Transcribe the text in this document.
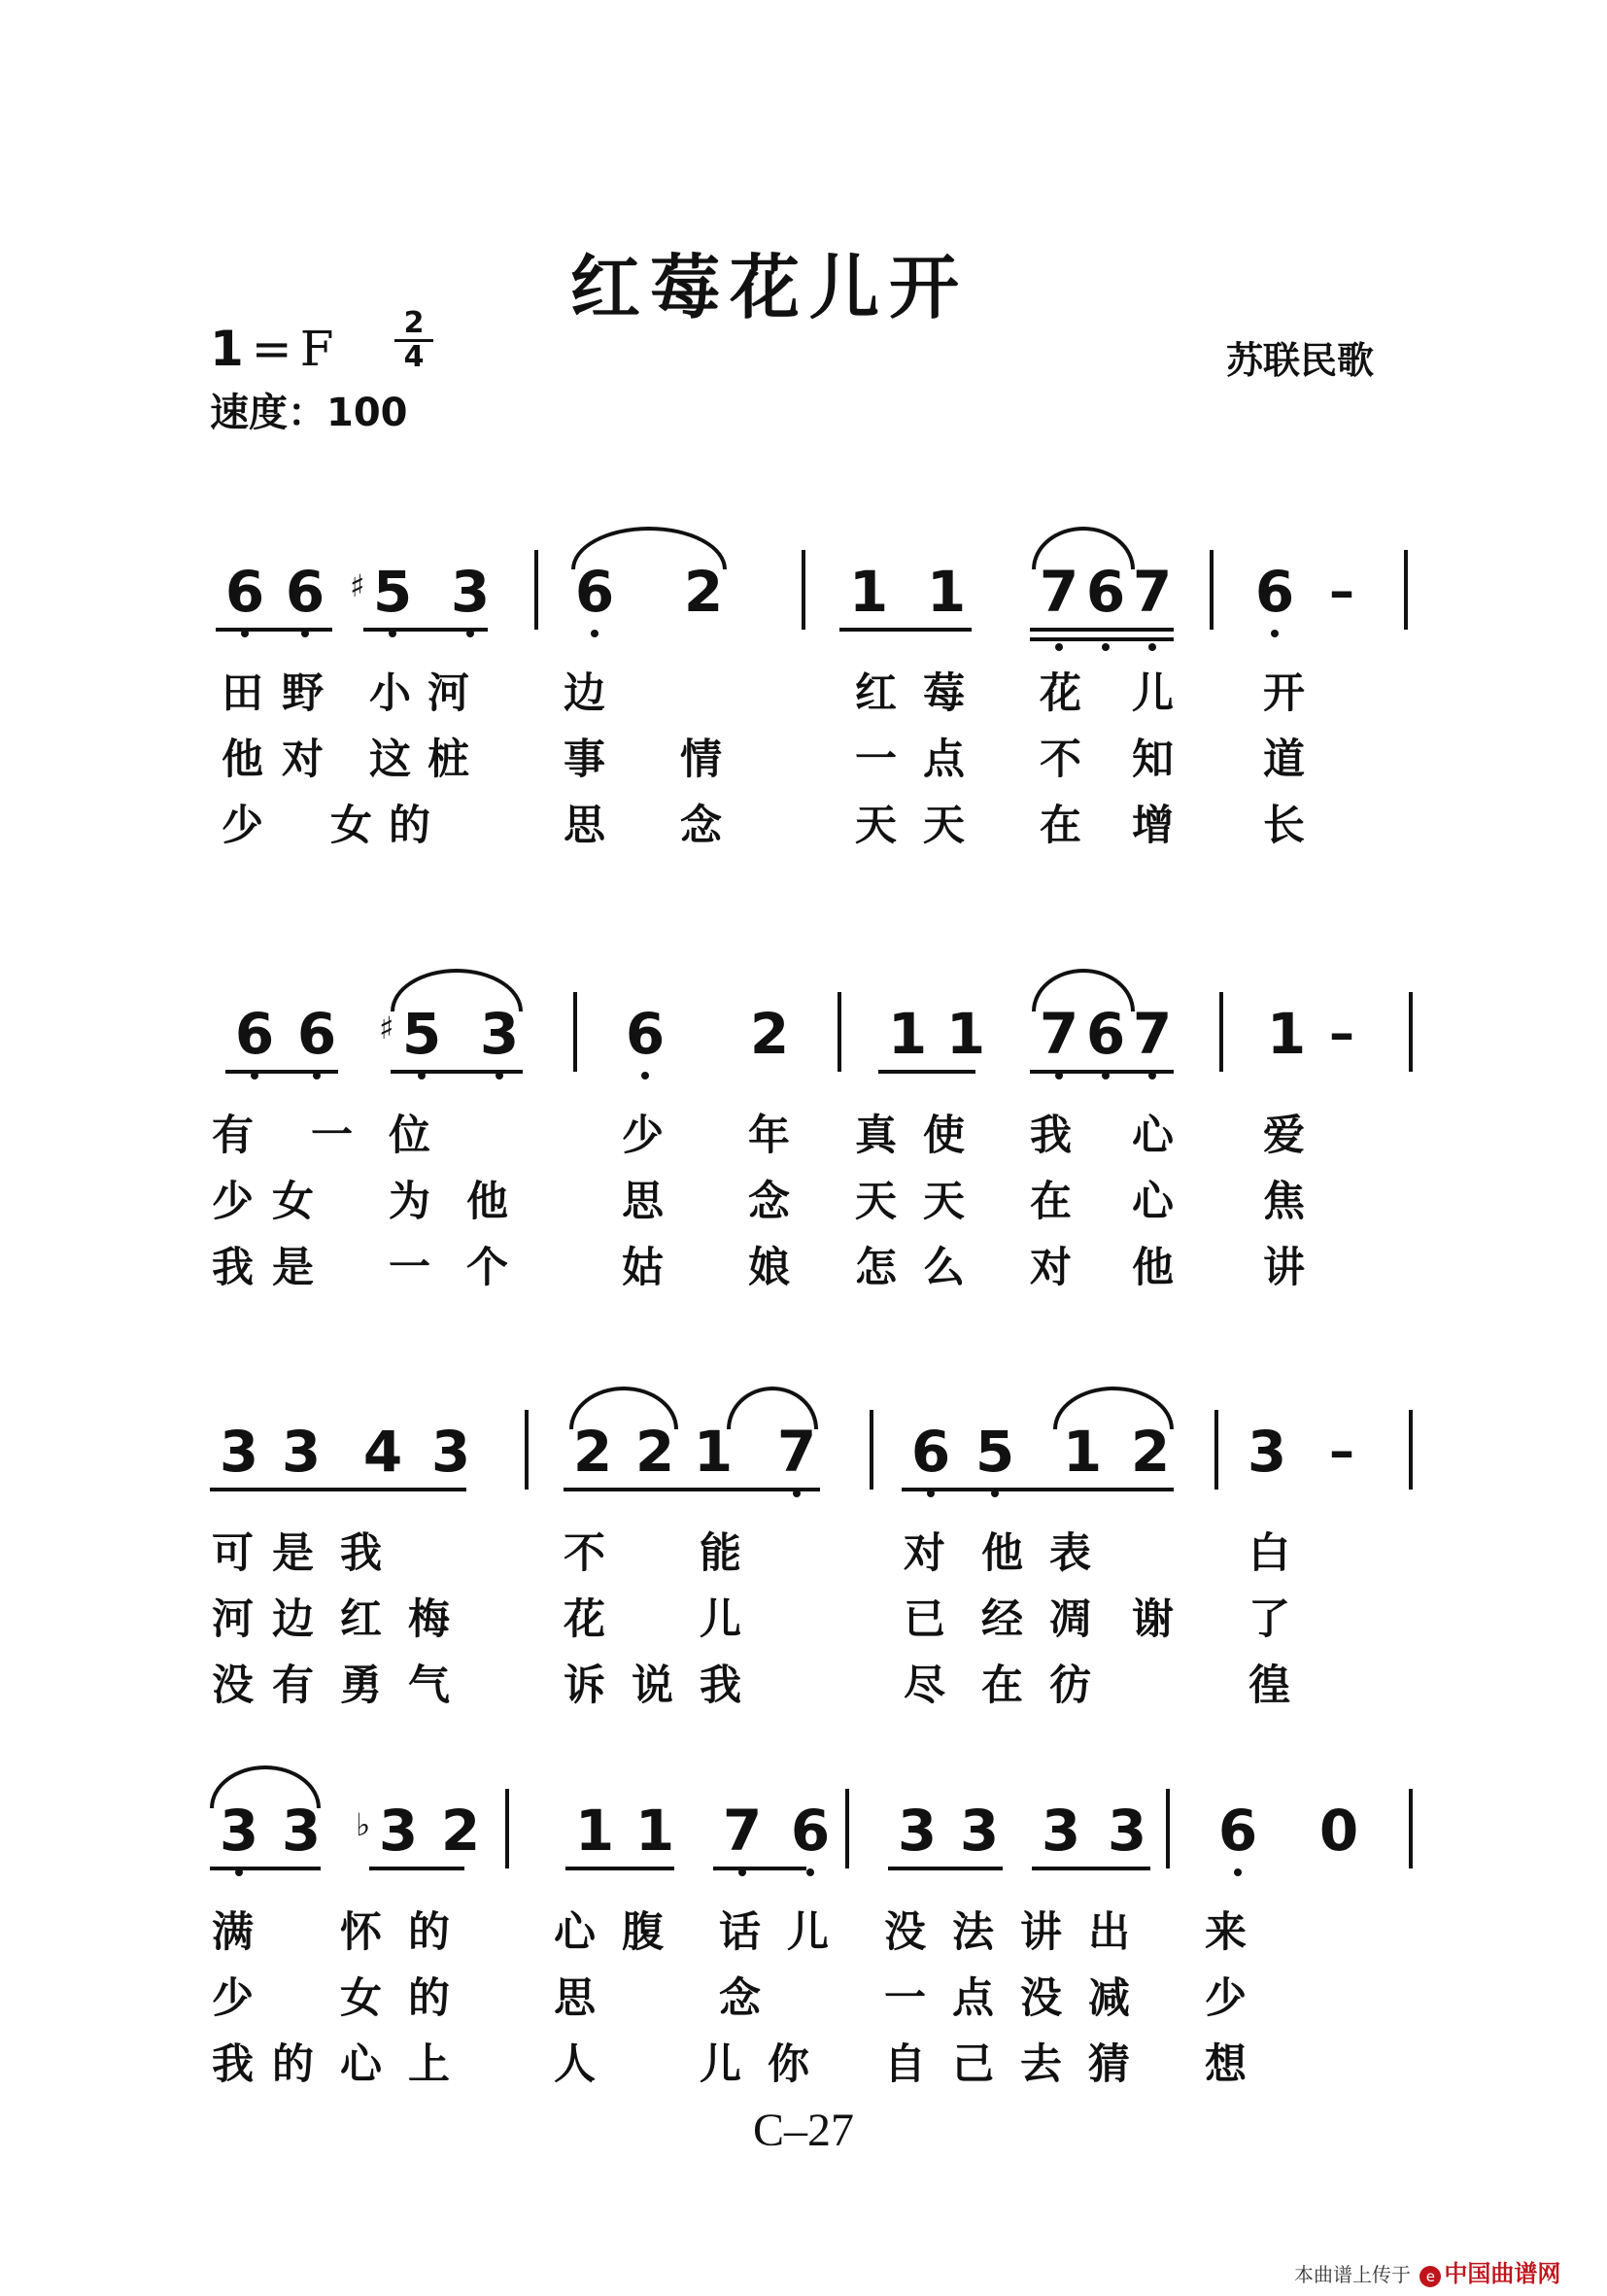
红莓花儿开
1 = F	2
4
速度：100
苏联民歌
6 6 5
♯ 3 6 2 1 1 7 6 7 6 –
田 野 小 河 边	红 莓 花 儿 开
他 对 这 桩 事 情	一 点 不 知 道
少 女 的	思 念	天 天 在 增 长
6 6 5
♯ 3 6 2 1 1 7 6 7 1 –
有 一 位	少 年 真 使 我 心 爱
少 女 为 他	思 念 天 天 在 心 焦
我 是 一 个	姑 娘 怎 么 对 他 讲
3 3 4 3 2 2 1 7 6 5 1 2 3 –
可 是 我	不 能	对 他 表	白
河 边 红 梅	花 儿	已 经 凋 谢 了
没 有 勇 气	诉 说 我	尽 在 彷	徨
3 3 3
♭ 2 1 1 7 6 3 3 3 3 6 0
满 怀 的 心 腹 话 儿 没 法 讲 出 来
少 女 的 思	念	一 点 没 减 少
我 的 心 上 人 儿 你 自 己 去 猜 想
C–27
本曲谱上传于 e 中国曲谱网
